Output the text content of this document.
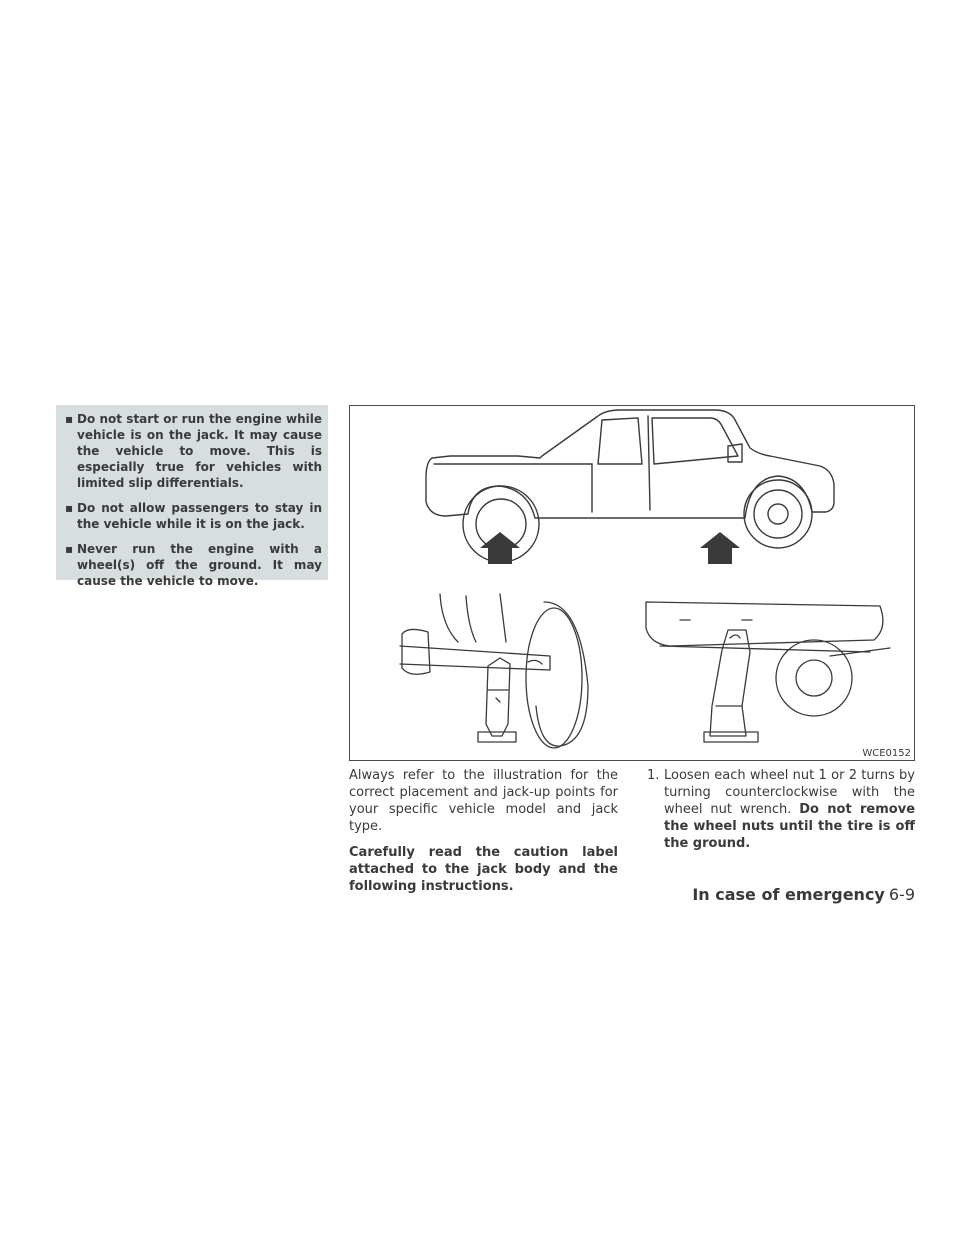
▪ Do not start or run the engine while vehicle is on the jack. It may cause the vehicle to move. This is especially true for vehicles with limited slip differentials.
▪ Do not allow passengers to stay in the vehicle while it is on the jack.
▪ Never run the engine with a wheel(s) off the ground. It may cause the vehicle to move.
WCE0152

Always refer to the illustration for the correct placement and jack-up points for your specific vehicle model and jack type.

Carefully read the caution label attached to the jack body and the following instructions.

1. Loosen each wheel nut 1 or 2 turns by turning counterclockwise with the wheel nut wrench. Do not remove the wheel nuts until the tire is off the ground.

In case of emergency 6-9
